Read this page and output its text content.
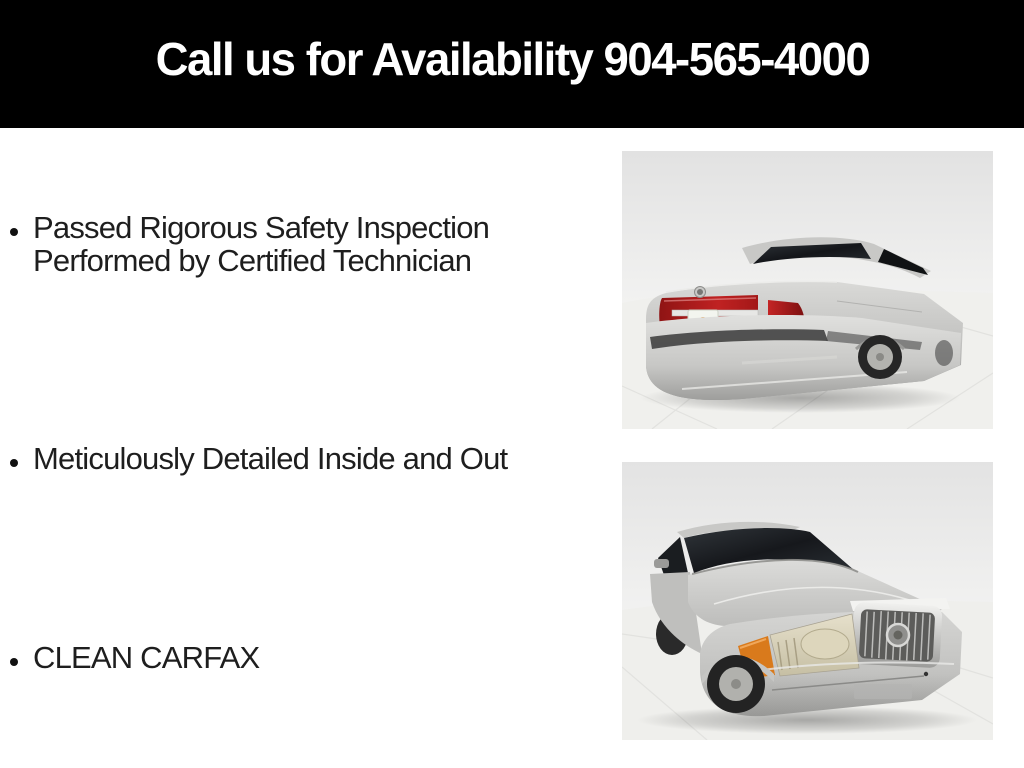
Call us for Availability 904-565-4000
Passed Rigorous Safety Inspection
Performed by Certified Technician
Meticulously Detailed Inside and Out
CLEAN CARFAX
